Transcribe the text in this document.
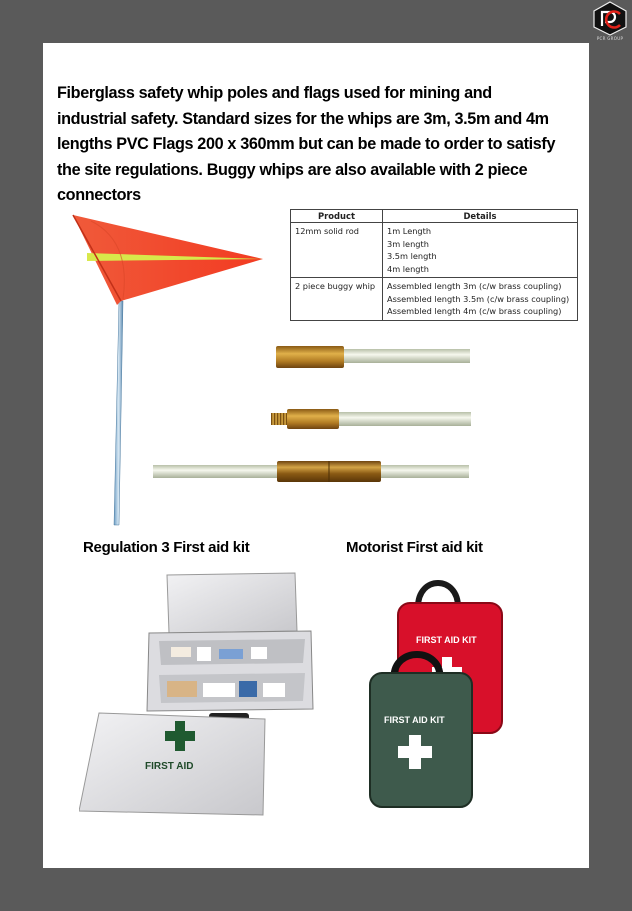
PCR GROUP

Fiberglass safety whip poles and flags used for mining and industrial safety. Standard sizes for the whips are 3m, 3.5m and 4m lengths PVC Flags 200 x 360mm but can be made to order to satisfy the site regulations. Buggy whips are also available with 2 piece connectors

Product	Details
12mm solid rod	1m Length
3m length
3.5m length
4m length

2 piece buggy whip	Assembled length 3m (c/w brass coupling)
Assembled length 3.5m (c/w brass coupling)
Assembled length 4m (c/w brass coupling)
Regulation 3 First aid kit	Motorist First aid kit
FIRST AID
FIRST AID KIT
FIRST AID KIT
